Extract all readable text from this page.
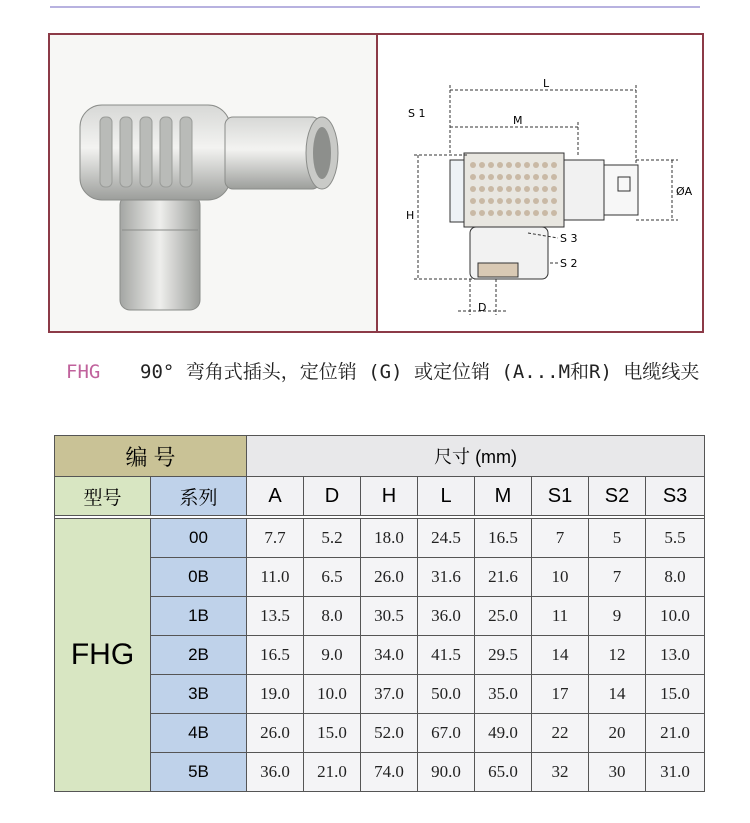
L
M
S 1
H
ØA
S 3
S 2
D
FHG 90° 弯角式插头，定位销 (G) 或定位销 (A...M和R) 电缆线夹
编 号		尺寸 (mm)							
型号	系列	A	D	H	L	M	S1	S2	S3

FHG	00	7.7	5.2	18.0	24.5	16.5	7	5	5.5
	0B	11.0	6.5	26.0	31.6	21.6	10	7	8.0
	1B	13.5	8.0	30.5	36.0	25.0	11	9	10.0
	2B	16.5	9.0	34.0	41.5	29.5	14	12	13.0
	3B	19.0	10.0	37.0	50.0	35.0	17	14	15.0
	4B	26.0	15.0	52.0	67.0	49.0	22	20	21.0
	5B	36.0	21.0	74.0	90.0	65.0	32	30	31.0
